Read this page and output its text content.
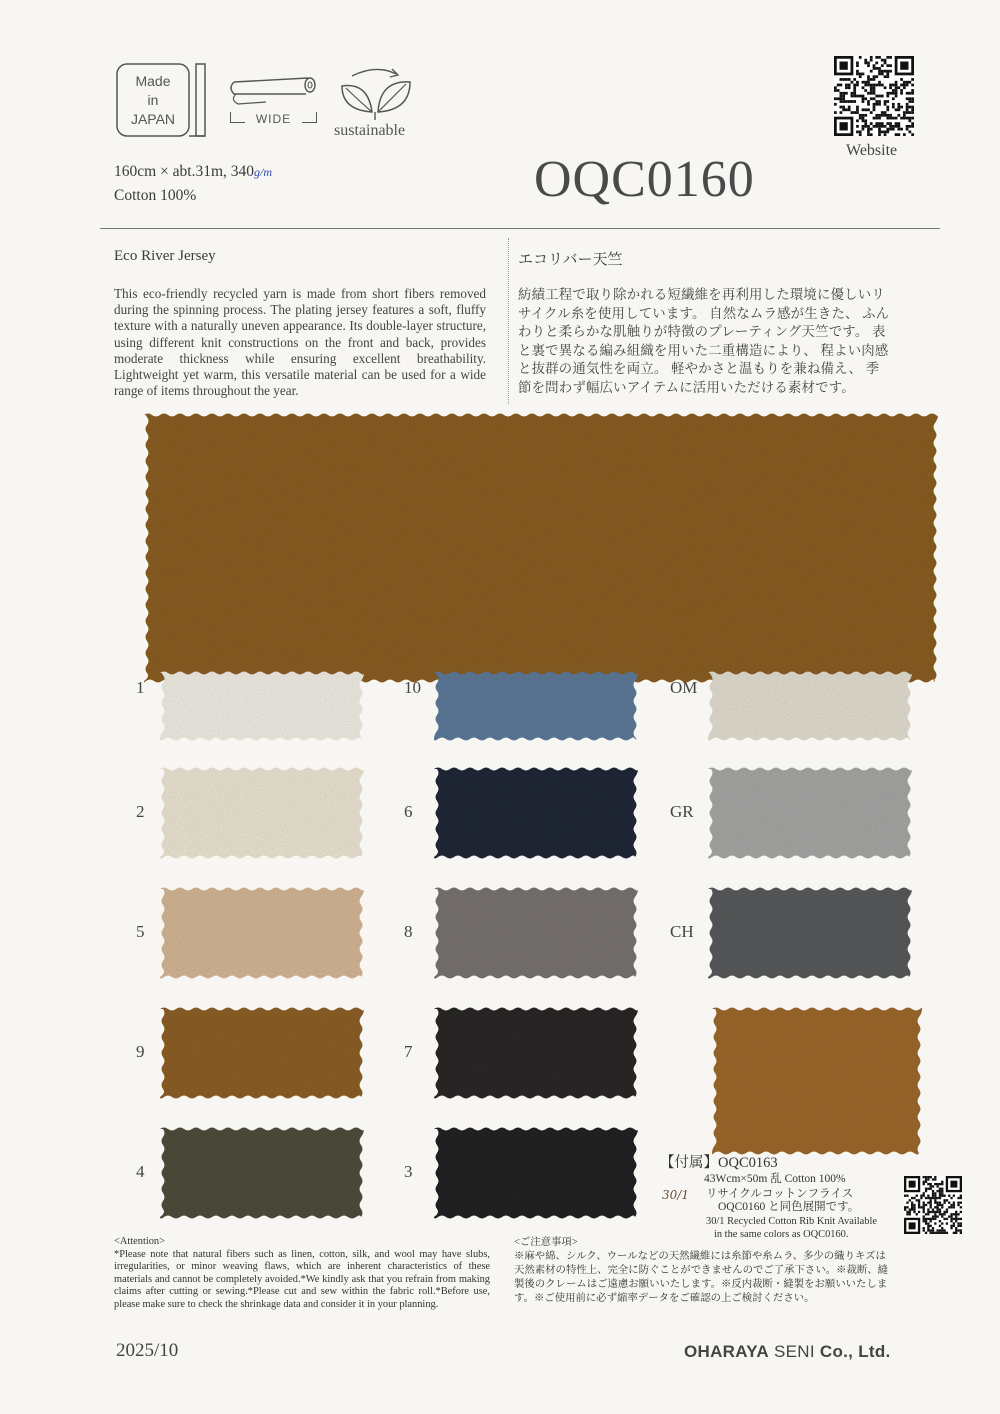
Made
in
JAPAN	WIDE
sustainable
160cm × abt.31m, 340g/m
Cotton 100%	OQC0160
Website
Eco River Jersey
This eco-friendly recycled yarn is made from short fibers removed during the spinning process. The plating jersey features a soft, fluffy texture with a naturally uneven appearance. Its double-layer structure, using different knit constructions on the front and back, provides moderate thickness while ensuring excellent breathability. Lightweight yet warm, this versatile material can be used for a wide range of items throughout the year.
エコリバー天竺
紡績工程で取り除かれる短繊維を再利用した環境に優しいリサイクル糸を使用しています。 自然なムラ感が生きた、 ふんわりと柔らかな肌触りが特徴のプレーティング天竺です。 表と裏で異なる編み組織を用いた二重構造により、 程よい肉感と抜群の通気性を両立。 軽やかさと温もりを兼ね備え、 季節を問わず幅広いアイテムに活用いただける素材です。
1	10	OM
2	6	GR
5	8	CH
9	7
4	3	【付属】OQC0163
43Wcm×50m 乱 Cotton 100%
30/1 リサイクルコットンフライス
OQC0160 と同色展開です。
30/1 Recycled Cotton Rib Knit Available
in the same colors as OQC0160.
<Attention>
*Please note that natural fibers such as linen, cotton, silk, and wool may have slubs, irregularities, or minor weaving flaws, which are inherent characteristics of these materials and cannot be completely avoided.*We kindly ask that you refrain from making claims after cutting or sewing.*Please cut and sew within the fabric roll.*Before use, please make sure to check the shrinkage data and consider it in your planning.
<ご注意事項>
※麻や綿、シルク、ウールなどの天然繊維には糸節や糸ムラ、多少の織りキズは天然素材の特性上、完全に防ぐことができませんのでご了承下さい。※裁断、縫製後のクレームはご遠慮お願いいたします。※反内裁断・縫製をお願いいたします。※ご使用前に必ず縮率データをご確認の上ご検討ください。
2025/10	OHARAYA SENI Co., Ltd.
